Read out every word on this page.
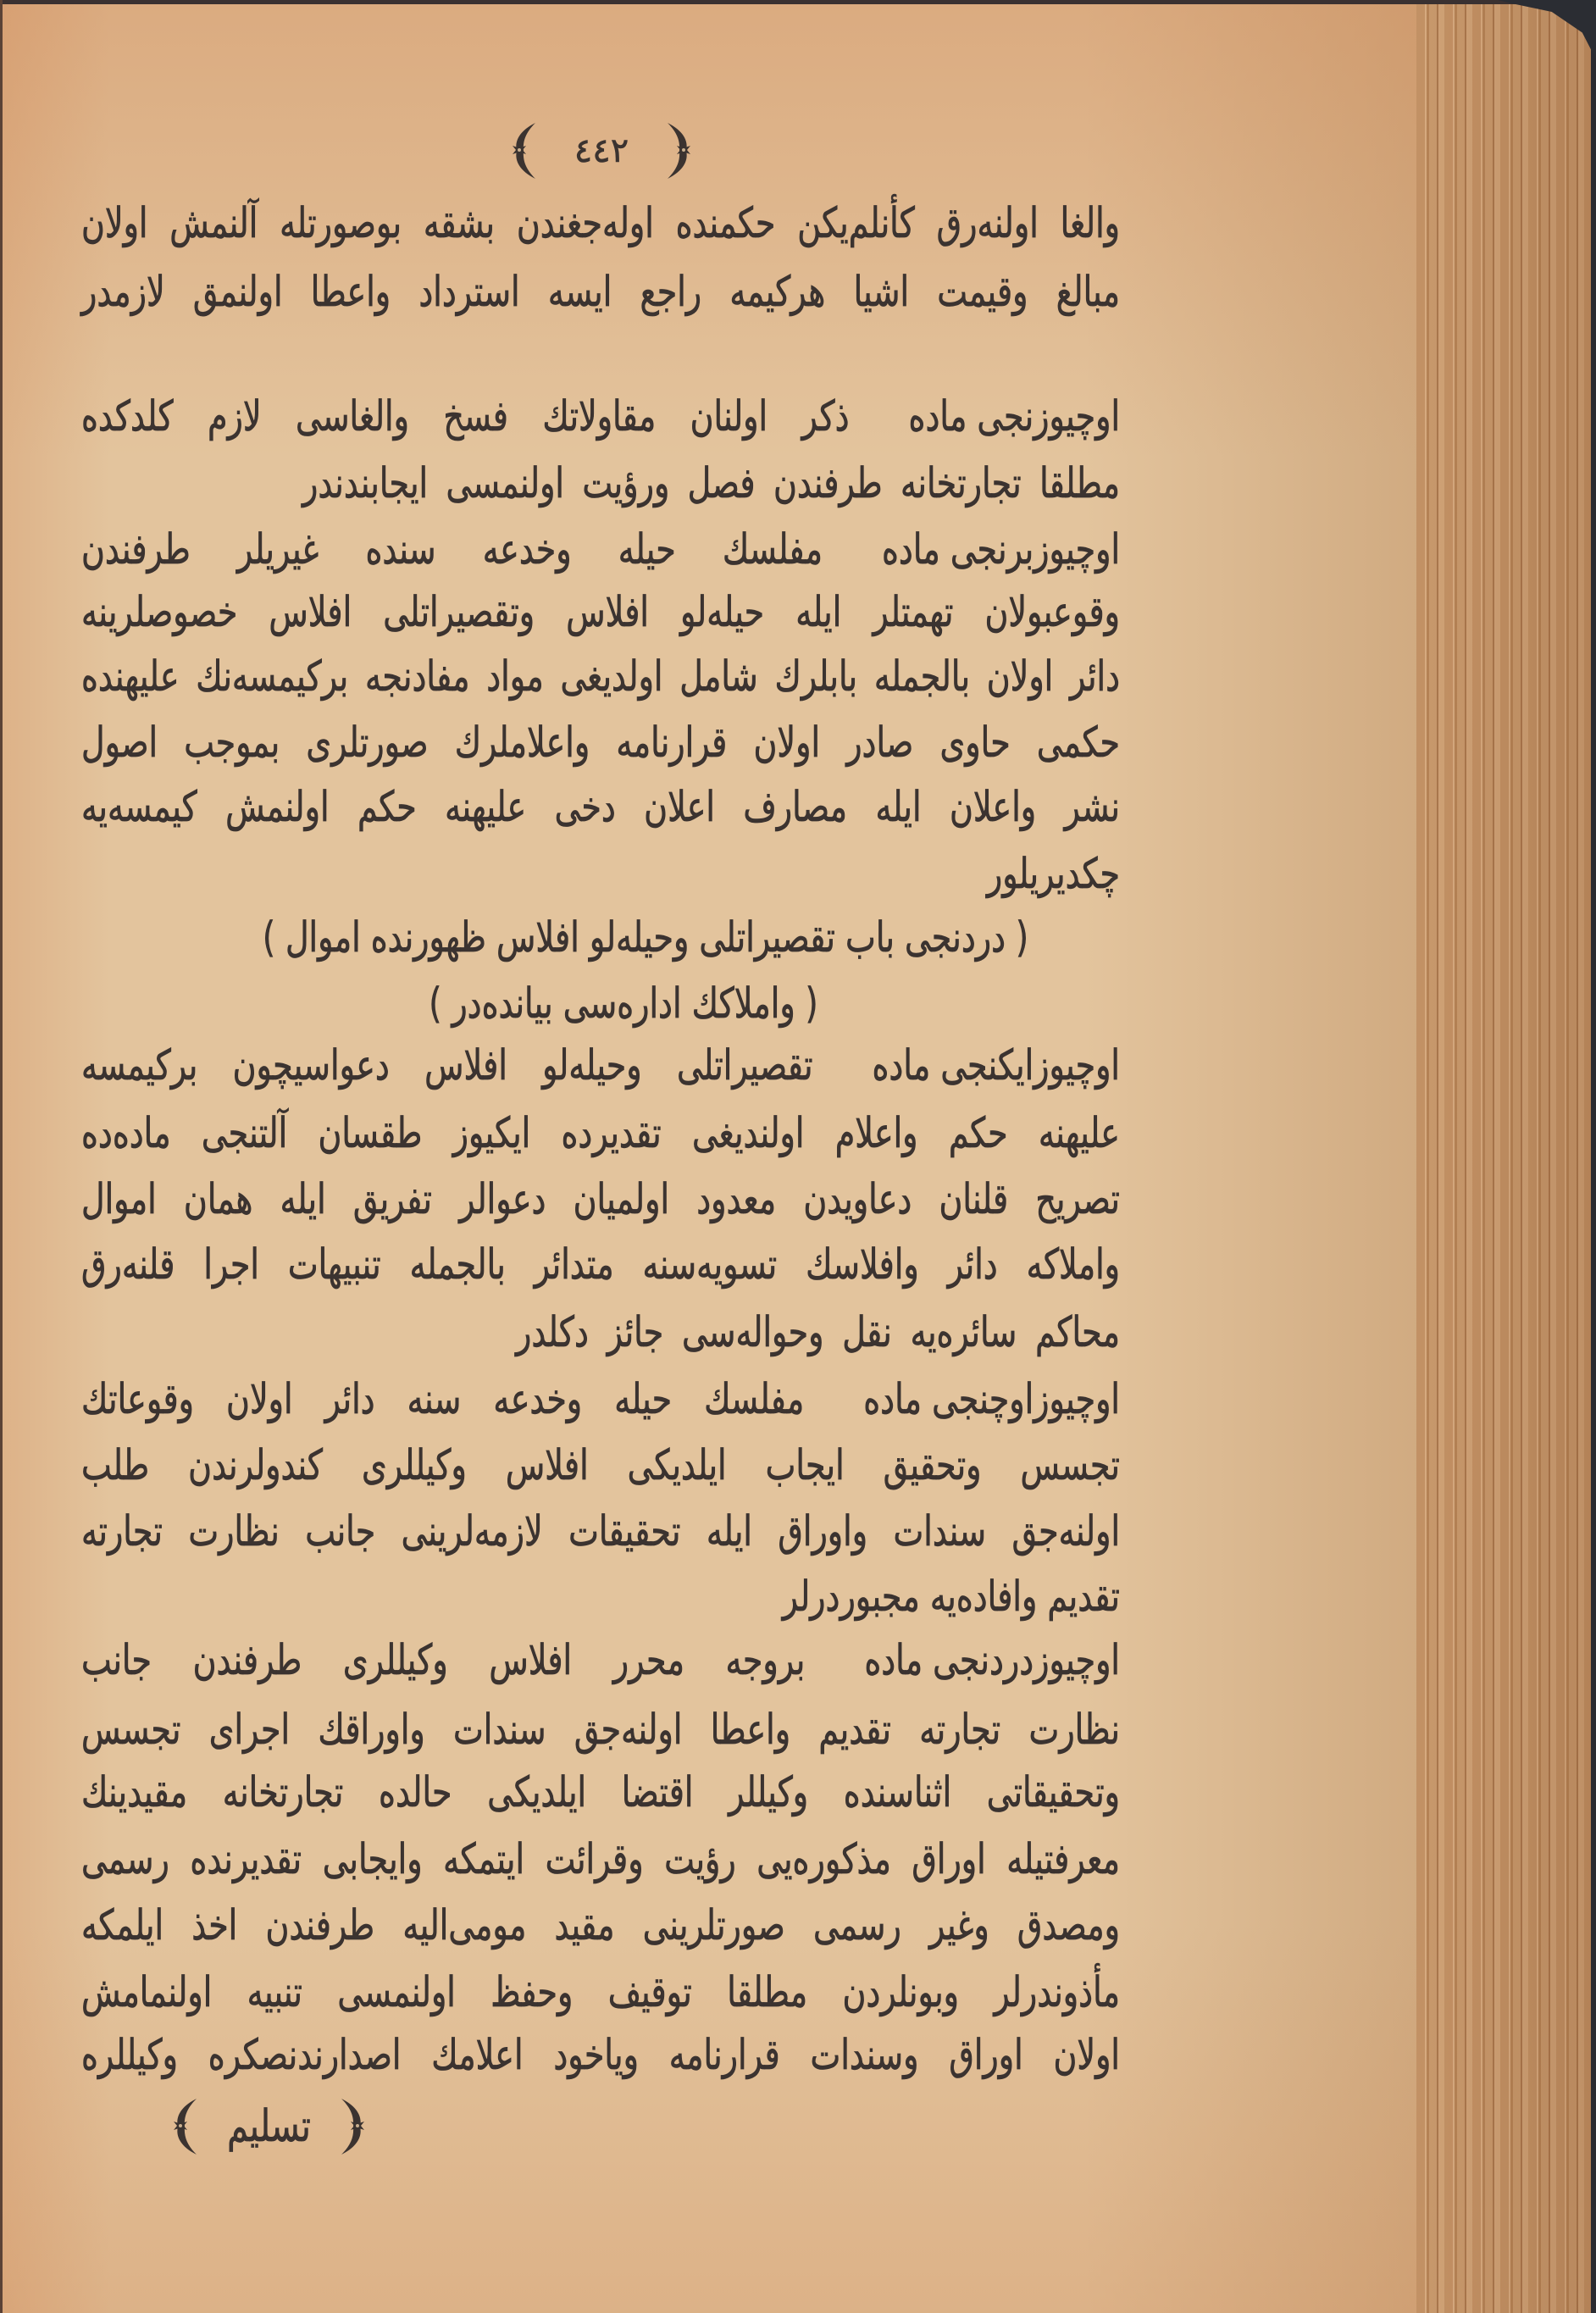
٤٤٢
والغا اولنه‌رق كأنلم‌یكن حكمنده اوله‌جغندن بشقه بوصورتله آلنمش اولان
مبالغ وقیمت اشیا هركیمه راجع ایسه استرداد واعطا اولنمق لازمدر
اوچیوزنجی ماده
ذكر اولنان مقاولاتك فسخ والغاسی لازم كلدكده
مطلقا تجارتخانه طرفندن فصل ورؤیت اولنمسی ایجابندندر
اوچیوزبرنجی ماده
مفلسك حیله وخدعه سنده غیریلر طرفندن
وقوعبولان تهمتلر ایله حیله‌لو افلاس وتقصیراتلی افلاس خصوصلرینه
دائر اولان بالجمله بابلرك شامل اولدیغی مواد مفادنجه بركیمسه‌نك علیهنده
حكمی حاوی صادر اولان قرارنامه واعلاملرك صورتلری بموجب اصول
نشر واعلان ایله مصارف اعلان دخی علیهنه حكم اولنمش كیمسه‌یه
چكدیریلور
( دردنجی باب تقصیراتلی وحیله‌لو افلاس ظهورنده اموال )
( واملاكك اداره‌سی بیانده‌در )
اوچیوزایكنجی ماده
تقصیراتلی وحیله‌لو افلاس دعواسیچون بركیمسه
علیهنه حكم واعلام اولندیغی تقدیرده ایكیوز طقسان آلتنجی ماده‌ده
تصریح قلنان دعاویدن معدود اولمیان دعوالر تفریق ایله همان اموال
واملاكه دائر وافلاسك تسویه‌سنه متدائر بالجمله تنبیهات اجرا قلنه‌رق
محاكم سائره‌یه نقل وحواله‌سی جائز دكلدر
اوچیوزاوچنجی ماده
مفلسك حیله وخدعه سنه دائر اولان وقوعاتك
تجسس وتحقیق ایجاب ایلدیكی افلاس وكیللری كندولرندن طلب
اولنه‌جق سندات واوراق ایله تحقیقات لازمه‌لرینی جانب نظارت تجارته
تقدیم وافاده‌یه مجبوردرلر
اوچیوزدردنجی ماده
بروجه محرر افلاس وكیللری طرفندن جانب
نظارت تجارته تقدیم واعطا اولنه‌جق سندات واوراقك اجرای تجسس
وتحقیقاتی اثناسنده وكیللر اقتضا ایلدیكی حالده تجارتخانه مقیدینك
معرفتیله اوراق مذكوره‌یی رؤیت وقرائت ایتمكه وایجابی تقدیرنده رسمی
ومصدق وغیر رسمی صورتلرینی مقید مومی‌الیه طرفندن اخذ ایلمكه
مأذوندرلر وبونلردن مطلقا توقیف وحفظ اولنمسی تنبیه اولنمامش
اولان اوراق وسندات قرارنامه ویاخود اعلامك اصدارندنصكره وكیللره
تسلیم
